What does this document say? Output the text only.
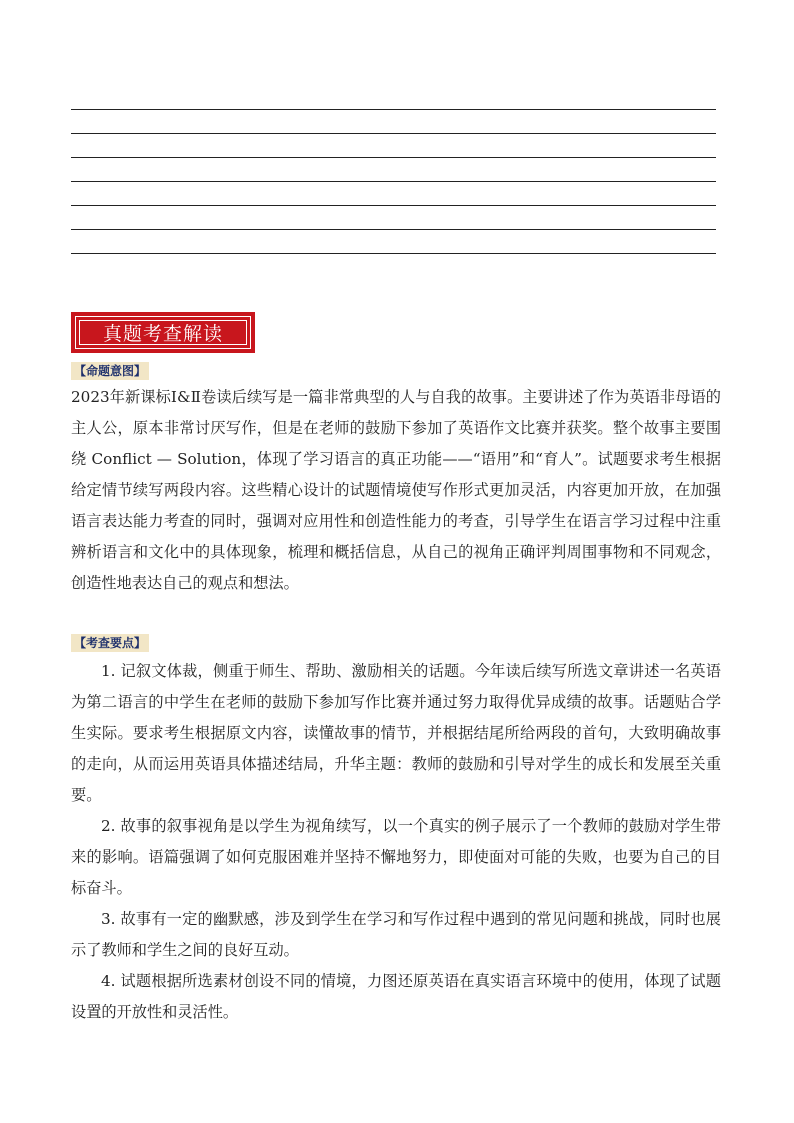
真题考查解读
【命题意图】
2023年新课标Ⅰ&Ⅱ卷读后续写是一篇非常典型的人与自我的故事。主要讲述了作为英语非母语的主人公，原本非常讨厌写作，但是在老师的鼓励下参加了英语作文比赛并获奖。整个故事主要围绕 Conflict — Solution，体现了学习语言的真正功能——“语用”和“育人”。试题要求考生根据给定情节续写两段内容。这些精心设计的试题情境使写作形式更加灵活，内容更加开放，在加强语言表达能力考查的同时，强调对应用性和创造性能力的考查，引导学生在语言学习过程中注重辨析语言和文化中的具体现象，梳理和概括信息，从自己的视角正确评判周围事物和不同观念，创造性地表达自己的观点和想法。
【考查要点】

1. 记叙文体裁，侧重于师生、帮助、激励相关的话题。今年读后续写所选文章讲述一名英语为第二语言的中学生在老师的鼓励下参加写作比赛并通过努力取得优异成绩的故事。话题贴合学生实际。要求考生根据原文内容，读懂故事的情节，并根据结尾所给两段的首句，大致明确故事的走向，从而运用英语具体描述结局，升华主题：教师的鼓励和引导对学生的成长和发展至关重要。

2. 故事的叙事视角是以学生为视角续写，以一个真实的例子展示了一个教师的鼓励对学生带来的影响。语篇强调了如何克服困难并坚持不懈地努力，即使面对可能的失败，也要为自己的目标奋斗。

3. 故事有一定的幽默感，涉及到学生在学习和写作过程中遇到的常见问题和挑战，同时也展示了教师和学生之间的良好互动。

4. 试题根据所选素材创设不同的情境，力图还原英语在真实语言环境中的使用，体现了试题设置的开放性和灵活性。
